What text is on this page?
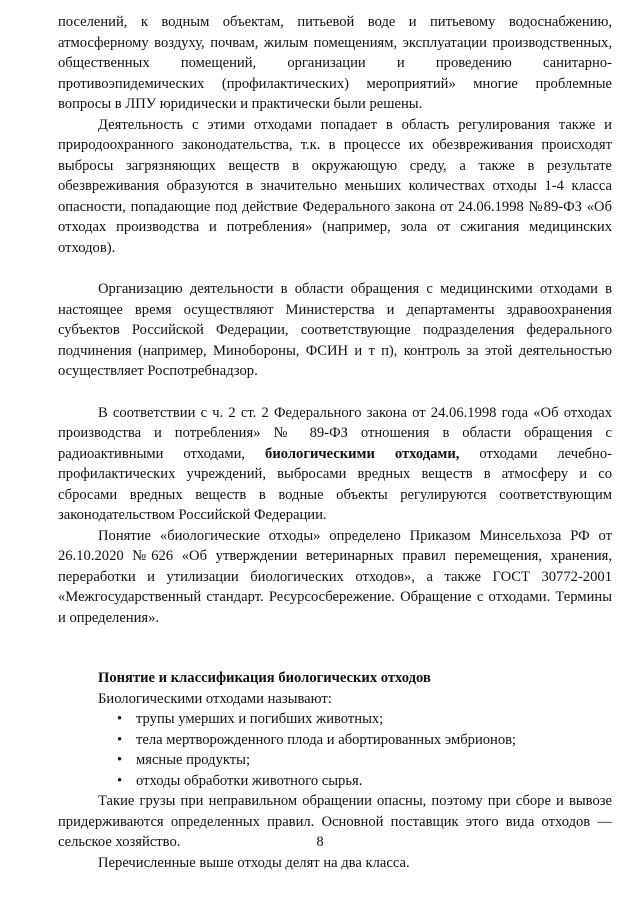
поселений, к водным объектам, питьевой воде и питьевому водоснабжению, атмосферному воздуху, почвам, жилым помещениям, эксплуатации производственных, общественных помещений, организации и проведению санитарно-противоэпидемических (профилактических) мероприятий» многие проблемные вопросы в ЛПУ юридически и практически были решены.

Деятельность с этими отходами попадает в область регулирования также и природоохранного законодательства, т.к. в процессе их обезвреживания происходят выбросы загрязняющих веществ в окружающую среду, а также в результате обезвреживания образуются в значительно меньших количествах отходы 1-4 класса опасности, попадающие под действие Федерального закона от 24.06.1998 №89-ФЗ «Об отходах производства и потребления» (например, зола от сжигания медицинских отходов).

Организацию деятельности в области обращения с медицинскими отходами в настоящее время осуществляют Министерства и департаменты здравоохранения субъектов Российской Федерации, соответствующие подразделения федерального подчинения (например, Минобороны, ФСИН и т п), контроль за этой деятельностью осуществляет Роспотребнадзор.

В соответствии с ч. 2 ст. 2 Федерального закона от 24.06.1998 года «Об отходах производства и потребления» № 89-ФЗ отношения в области обращения с радиоактивными отходами, биологическими отходами, отходами лечебно-профилактических учреждений, выбросами вредных веществ в атмосферу и со сбросами вредных веществ в водные объекты регулируются соответствующим законодательством Российской Федерации.

Понятие «биологические отходы» определено Приказом Минсельхоза РФ от 26.10.2020 №626 «Об утверждении ветеринарных правил перемещения, хранения, переработки и утилизации биологических отходов», а также ГОСТ 30772-2001 «Межгосударственный стандарт. Ресурсосбережение. Обращение с отходами. Термины и определения».

Понятие и классификация биологических отходов

Биологическими отходами называют:

• трупы умерших и погибших животных;
• тела мертворожденного плода и абортированных эмбрионов;
• мясные продукты;
• отходы обработки животного сырья.

Такие грузы при неправильном обращении опасны, поэтому при сборе и вывозе придерживаются определенных правил. Основной поставщик этого вида отходов — сельское хозяйство.

Перечисленные выше отходы делят на два класса.

8
